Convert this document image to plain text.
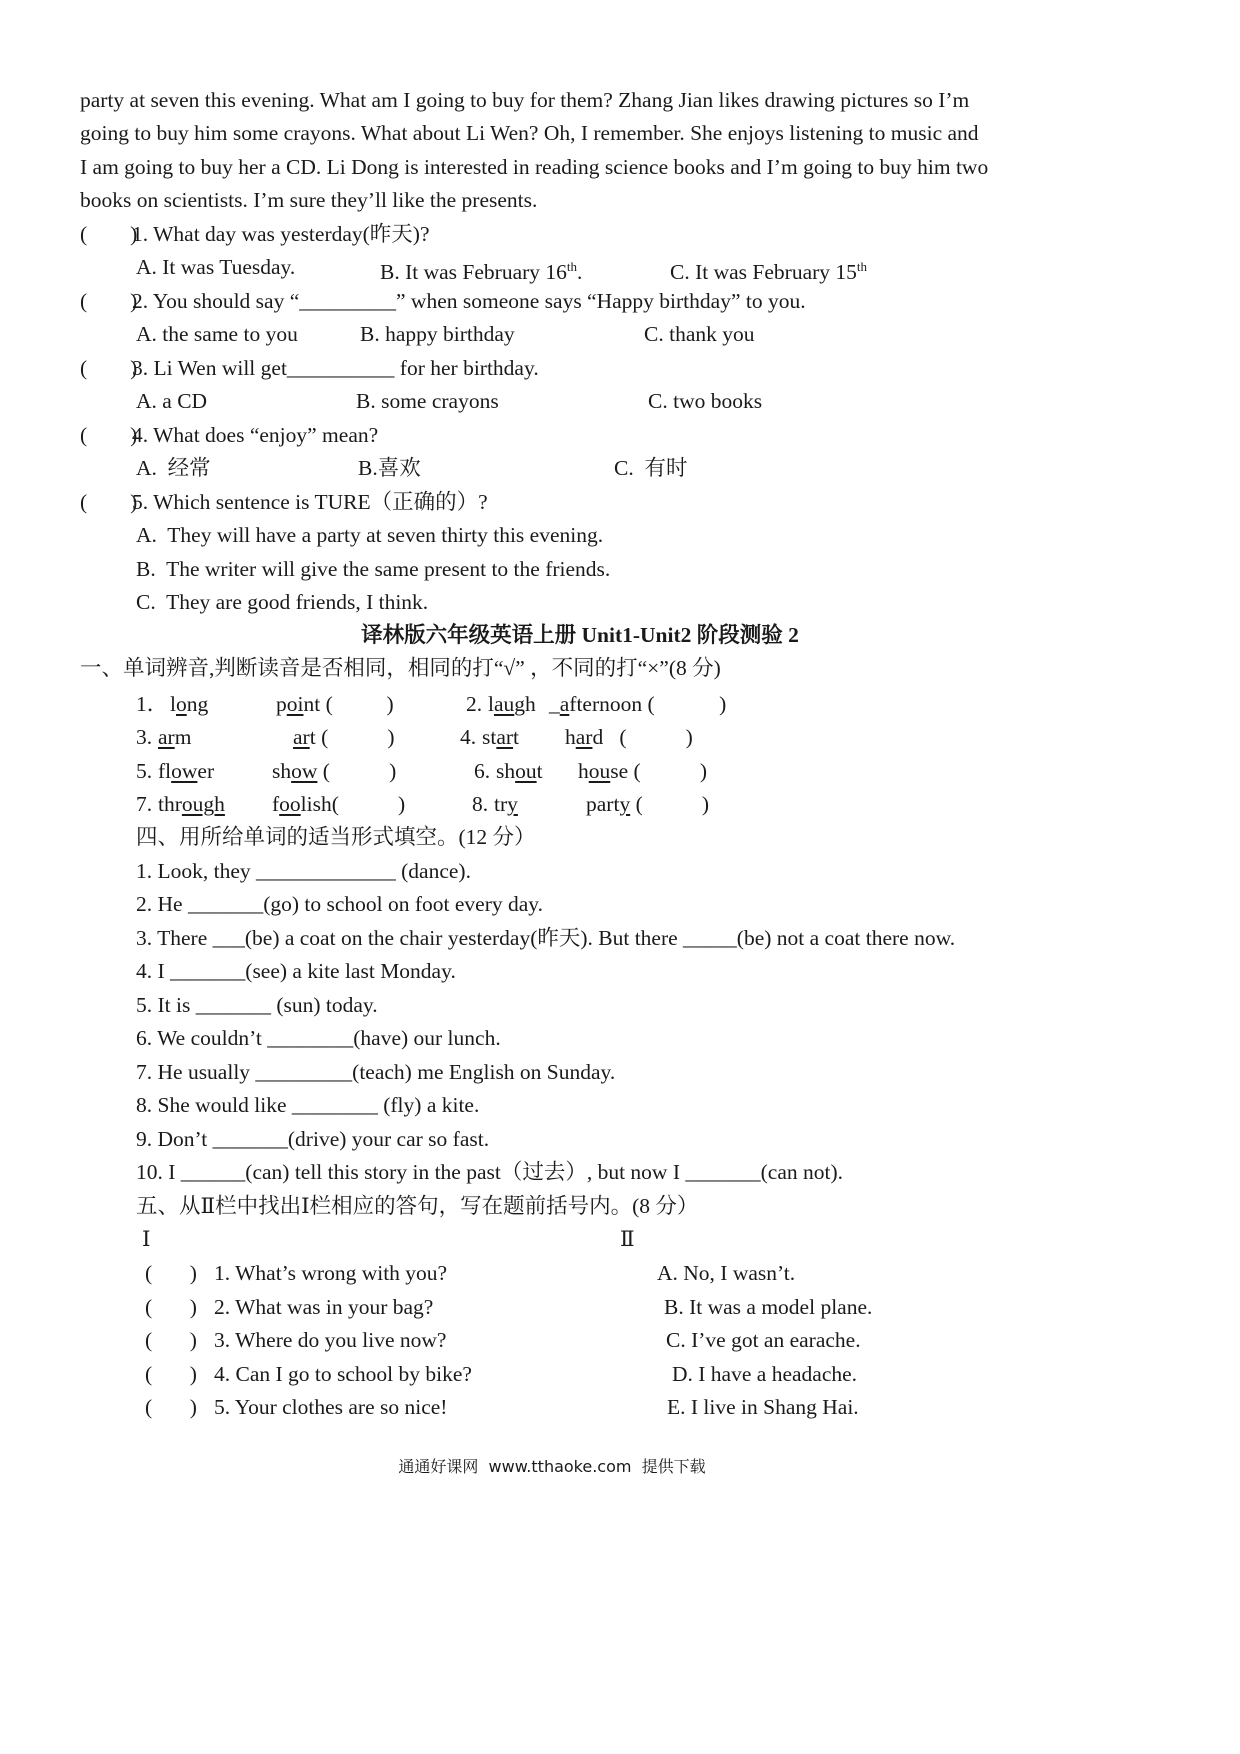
party at seven this evening. What am I going to buy for them? Zhang Jian likes drawing pictures so I’m
going to buy him some crayons. What about Li Wen? Oh, I remember. She enjoys listening to music and
I am going to buy her a CD. Li Dong is interested in reading science books and I’m going to buy him two
books on scientists. I’m sure they’ll like the presents.
(        )
1. What day was yesterday(昨天)?
A. It was Tuesday.	B. It was February 16th.	C. It was February 15th
(        )
2. You should say “_________” when someone says “Happy birthday” to you.
A. the same to you	B. happy birthday	C. thank you
(        )
3. Li Wen will get__________ for her birthday.
A. a CD	B. some crayons	C. two books
(        )
4. What does “enjoy” mean?
A.  经常	B.喜欢	C.  有时
(        )
5. Which sentence is TURE（正确的）?
A.  They will have a party at seven thirty this evening.
B.  The writer will give the same present to the friends.
C.  They are good friends, I think.
译林版六年级英语上册 Unit1-Unit2 阶段测验 2
一、单词辨音,判断读音是否相同，相同的打“√” ，不同的打“×”(8 分)
1． long	point (          )	2. laugh _afternoon (            )
3. arm	art (           )	4. start hard (           )
5. flower	show (           )	6. shout house (           )
7. through foolish(           )	8. try	party (           )
四、用所给单词的适当形式填空。(12 分）
1. Look, they _____________ (dance).
2. He _______(go) to school on foot every day.
3. There ___(be) a coat on the chair yesterday(昨天). But there _____(be) not a coat there now.
4. I _______(see) a kite last Monday.
5. It is _______ (sun) today.
6. We couldn’t ________(have) our lunch.
7. He usually _________(teach) me English on Sunday.
8. She would like ________ (fly) a kite.
9. Don’t _______(drive) your car so fast.
10. I ______(can) tell this story in the past（过去）, but now I _______(can not).
五、从Ⅱ栏中找出Ⅰ栏相应的答句，写在题前括号内。(8 分）
Ⅰ	Ⅱ
(       ) 1. What’s wrong with you?	A. No, I wasn’t.
(       ) 2. What was in your bag?	B. It was a model plane.
(       ) 3. Where do you live now?	C. I’ve got an earache.
(       ) 4. Can I go to school by bike?	D. I have a headache.
(       ) 5. Your clothes are so nice!	E. I live in Shang Hai.
通通好课网  www.tthaoke.com  提供下载
